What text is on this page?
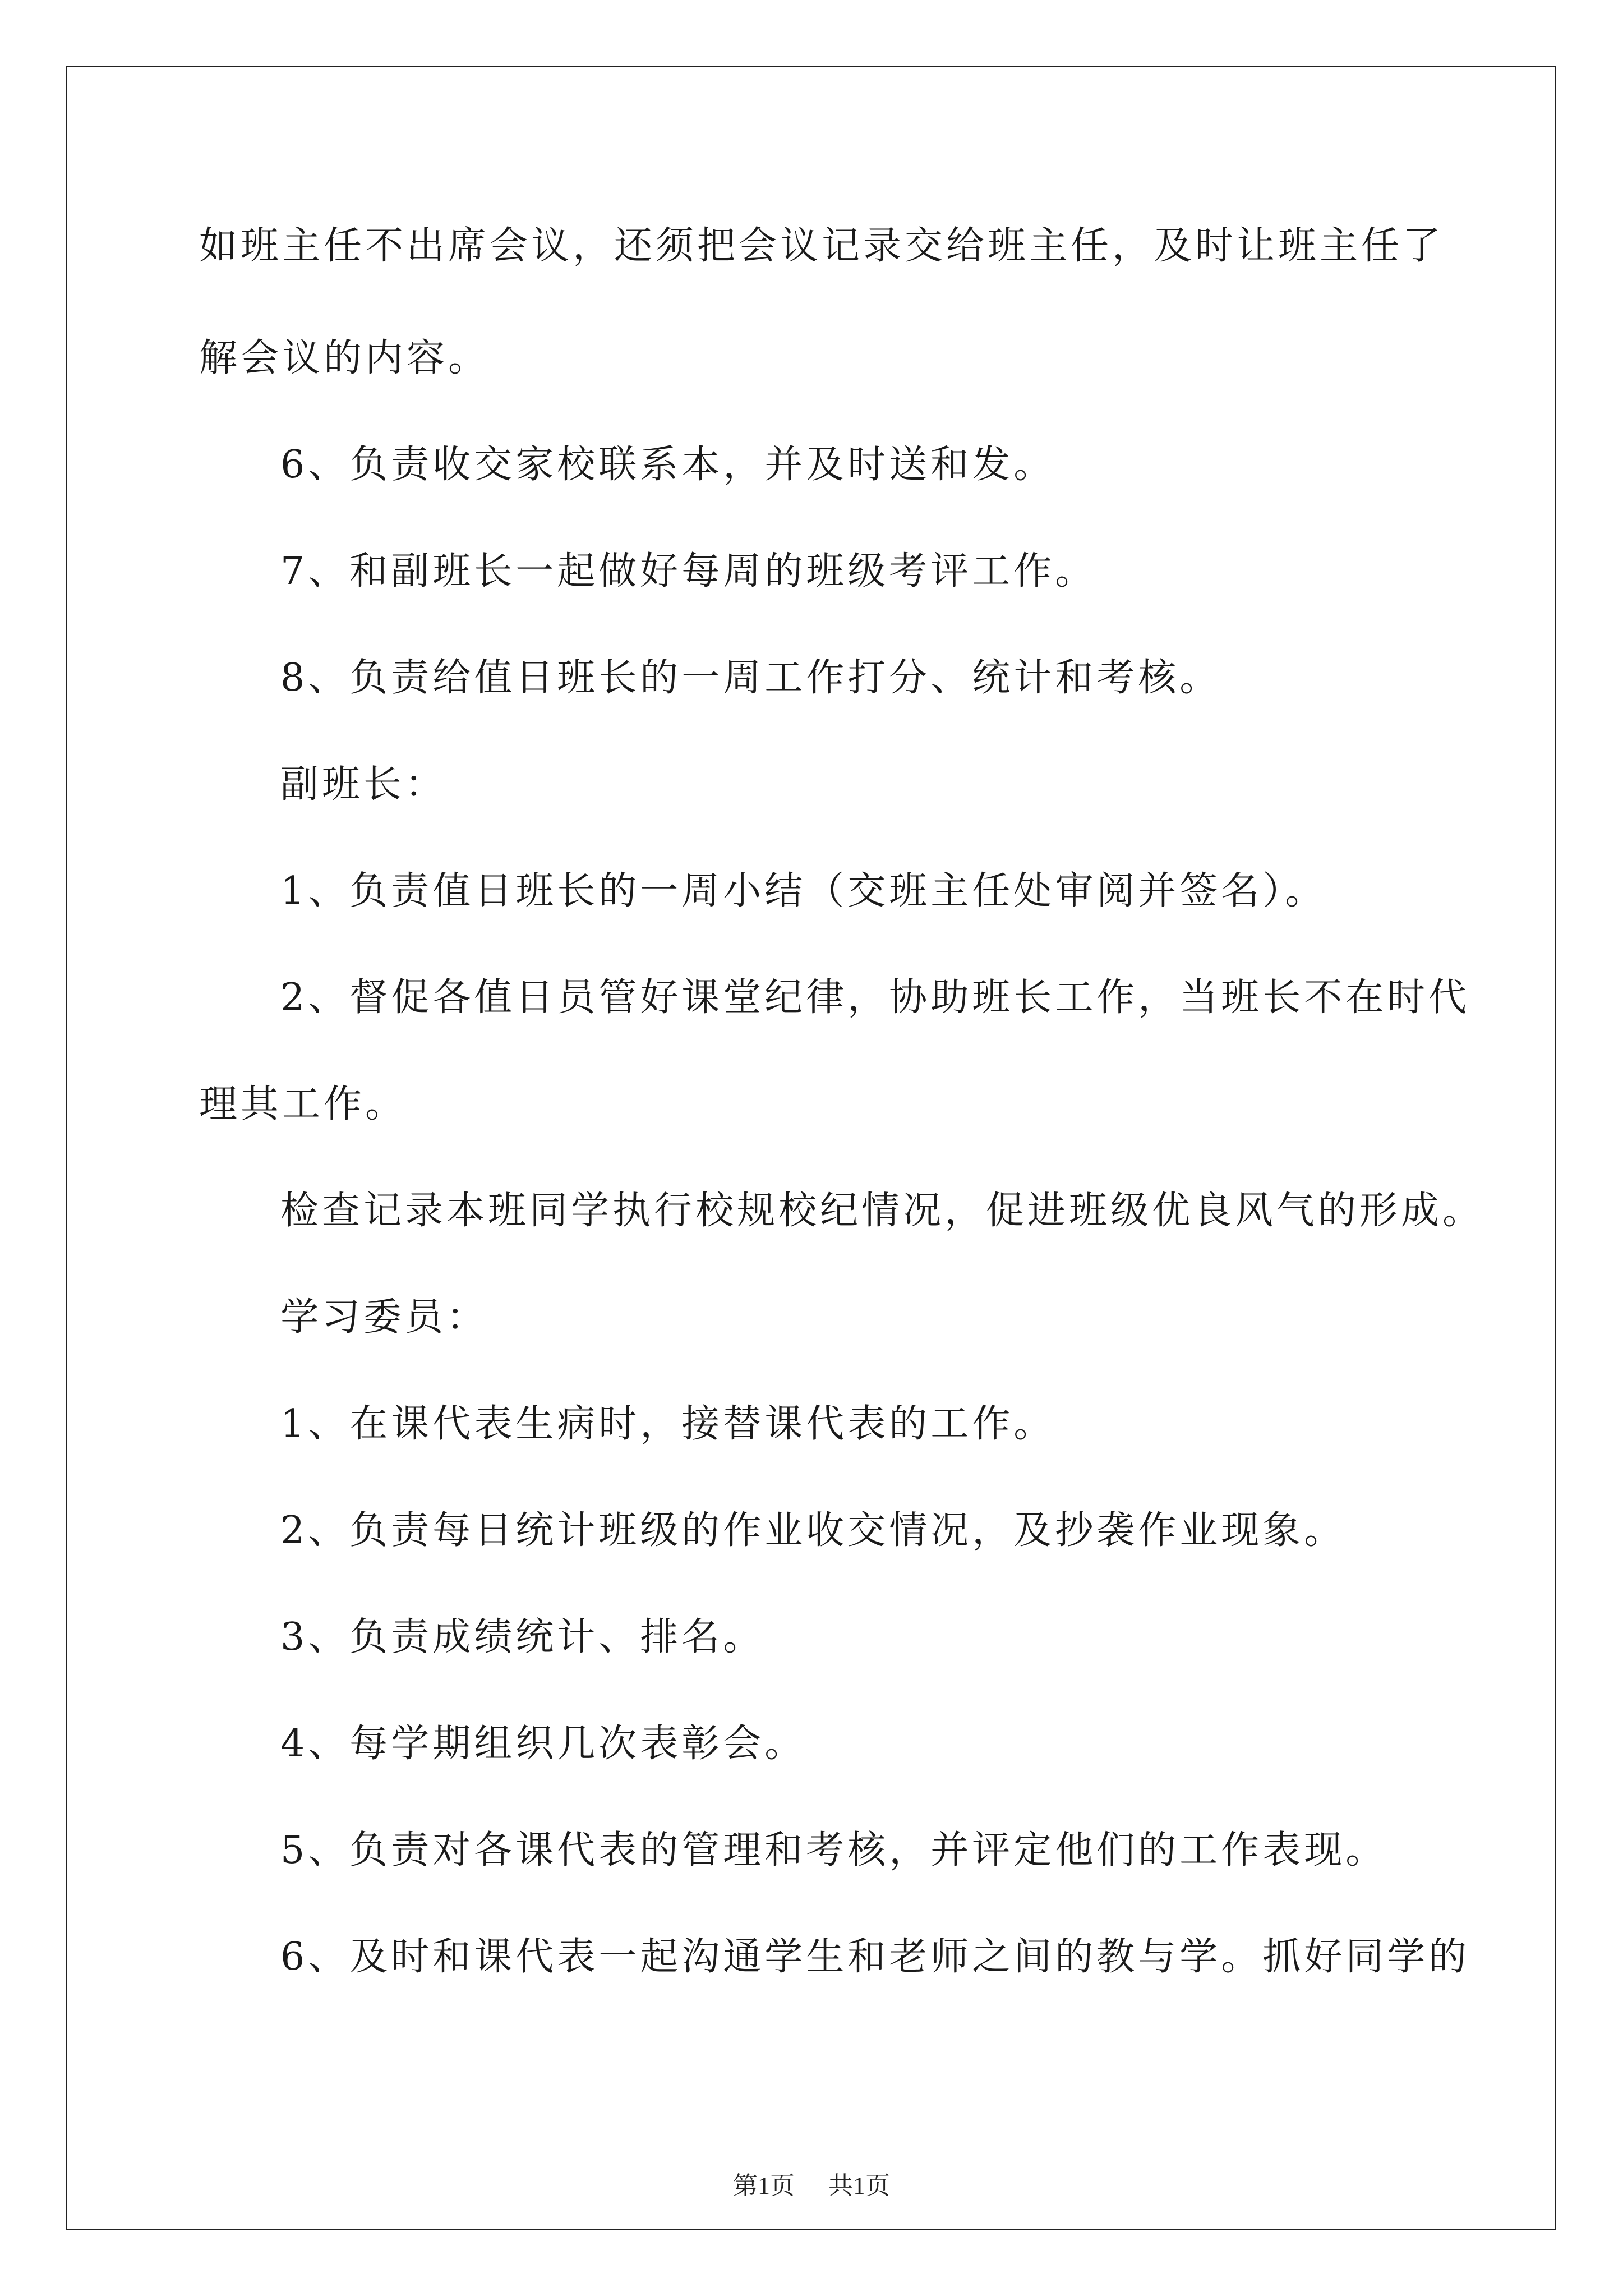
如班主任不出席会议，还须把会议记录交给班主任，及时让班主任了
解会议的内容。
6、负责收交家校联系本，并及时送和发。
7、和副班长一起做好每周的班级考评工作。
8、负责给值日班长的一周工作打分、统计和考核。
副班长：
1、负责值日班长的一周小结（交班主任处审阅并签名）。
2、督促各值日员管好课堂纪律，协助班长工作，当班长不在时代
理其工作。
检查记录本班同学执行校规校纪情况，促进班级优良风气的形成。
学习委员：
1、在课代表生病时，接替课代表的工作。
2、负责每日统计班级的作业收交情况，及抄袭作业现象。
3、负责成绩统计、排名。
4、每学期组织几次表彰会。
5、负责对各课代表的管理和考核，并评定他们的工作表现。
6、及时和课代表一起沟通学生和老师之间的教与学。抓好同学的
第1页 共1页
